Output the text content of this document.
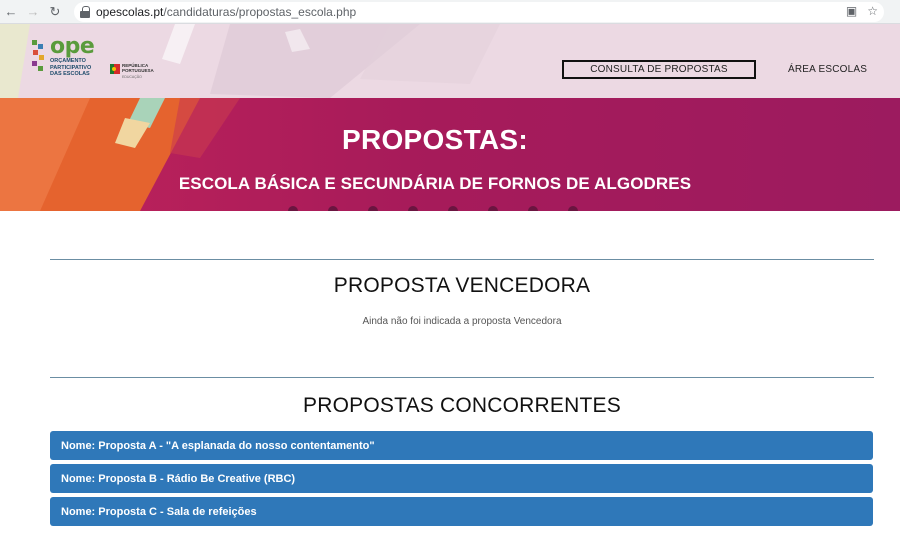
← → ↻	opescolas.pt/candidaturas/propostas_escola.php	▣ ☆
ope
ORÇAMENTO
PARTICIPATIVO
DAS ESCOLAS
REPÚBLICA
PORTUGUESA
EDUCAÇÃO
CONSULTA DE PROPOSTAS	ÁREA ESCOLAS
PROPOSTAS:
ESCOLA BÁSICA E SECUNDÁRIA DE FORNOS DE ALGODRES
PROPOSTA VENCEDORA
Ainda não foi indicada a proposta Vencedora
PROPOSTAS CONCORRENTES
Nome: Proposta A - "A esplanada do nosso contentamento"
Nome: Proposta B - Rádio Be Creative (RBC)
Nome: Proposta C - Sala de refeições
